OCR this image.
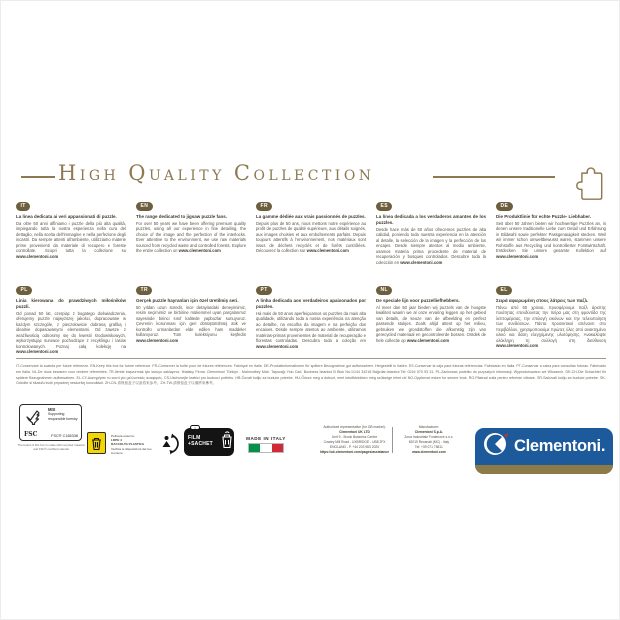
HIGH QUALITY COLLECTION
IT
La linea dedicata ai veri appassionati di puzzle.
Da oltre 50 anni affiniamo i puzzle della più alta qualità, impiegando tutta la nostra esperienza nella cura del dettaglio, nella scelta dell'immagine e nella perfezione degli incastri. Da sempre attenti all'ambiente, utilizziamo materie prime provenienti da materiale di recupero e foreste controllate. Scopri tutta la collezione su www.clementoni.com
EN
The range dedicated to jigsaw puzzle fans.
For over 50 years we have been offering premium quality puzzles, using all our experience in fine detailing, the choice of the image and the perfection of the interlocks. Ever attentive to the environment, we use raw materials sourced from recycled waste and controlled forests. Explore the entire collection on www.clementoni.com
FR
La gamme dédiée aux vrais passionnés de puzzles.
Depuis plus de 50 ans, nous mettons notre expérience au profit de puzzles de qualité supérieure, aux détails soignés, aux images choisies et aux emboîtements parfaits. Depuis toujours attentifs à l'environnement, nos matériaux sont issus de déchets recyclés et de forêts contrôlées. Découvrez la collection sur www.clementoni.com
ES
La línea dedicada a los verdaderos amantes de los puzzles.
Desde hace más de 50 años ofrecemos puzzles de alta calidad, poniendo toda nuestra experiencia en la atención al detalle, la selección de la imagen y la perfección de los encajes. Desde siempre atentos al medio ambiente, usamos materia prima procedente de material de recuperación y bosques controlados. Descubre toda la colección en www.clementoni.com
DE
Die Produktlinie für echte Puzzle- Liebhaber.
Seit über 50 Jahren bieten wir hochwertige Puzzles an, in denen unsere traditionelle Liebe zum Detail und Erfahrung in Bildwahl sowie perfekter Passgenauigkeit stecken. Weil wir immer schon umweltbewusst waren, stammen unsere Rohstoffe aus Recycling und kontrollierter Forstwirtschaft. Entdecken Sie unsere gesamte Kollektion auf www.clementoni.com
PL
Linia kierowana do prawdziwych miłośników puzzli.
Od ponad 50 lat, czerpiąc z bogatego doświadczenia, oferujemy puzzle najwyższej jakości, dopracowane w każdym szczególe, z pieczołowicie dobraną grafiką i idealnie dopasowanymi elementami. Od zawsze z wrażliwością odnosimy się do kwestii środowiskowych, wykorzystując surowce pochodzące z recyklingu i lasów kontrolowanych. Poznaj całą kolekcję na www.clementoni.com
TR
Gerçek puzzle hayranları için özel üretilmiş seri.
50 yıldan uzun süredir, ince detaylardaki deneyimimiz, resim seçimimiz ve birbirine mükemmel uyan parçalarımız sayesinde birinci sınıf kalitede yapbozlar sunuyoruz. Çevrenin korunması için geri dönüştürülmüş atık ve kontrollü ormanlardan elde edilen ham maddeler kullanıyoruz. Tüm koleksiyonu keşfedin www.clementoni.com
PT
A linha dedicada aos verdadeiros apaixonados por puzzles.
Há mais de 50 anos aperfeiçoamos os puzzles da mais alta qualidade, utilizando toda a nossa experiência na atenção ao detalhe, na escolha da imagem e na perfeição dos encaixes. Desde sempre atentos ao ambiente, utilizamos matérias-primas provenientes de material de recuperação e florestas controladas. Descubra toda a coleção em www.clementoni.com
NL
De speciale lijn voor puzzelliefhebbers.
Al meer dan 50 jaar bieden wij puzzels van de hoogste kwaliteit waarin we al onze ervaring leggen op het gebied van details, de keuze van de afbeelding en perfect passende stukjes. Zoals altijd attent op het milieu, gebruiken we grondstoffen die afkomstig zijn van gerecycled materiaal en gecontroleerde bossen. Ontdek de hele collectie op www.clementoni.com
EL
Σειρά αφιερωμένη στους λάτρεις των παζλ.
Πάνω από 50 χρόνια, προσφέρουμε παζλ άριστης ποιότητας επενδύοντας την πείρα μας στη φροντίδα της λεπτομέρειας, την επιλογή εικόνων και την τελειοποίηση των συνδέσεων. Πάντα προσεκτικοί απέναντι στο περιβάλλον, χρησιμοποιούμε πρώτες ύλες από ανακτημένο υλικό και δάση ελεγχόμενης υλοτόμησης. Ανακαλύψτε ολόκληρη τη συλλογή στη διεύθυνση www.clementoni.com
IT-Conservare la scatola per future referenze. EN-Keep this box for future reference. FR-Conserver la boîte pour de futures références. Fabriqué en Italie. DE-Produktinformationen für spätere Bezugnahme gut aufbewahren. Hergestellt in Italien. ES-Conservar la caja para futuras referencias. Fabricado en Italia. PT-Conservar a caixa para consultas futuras. Fabricado em Itália. NL-De doos bewaren voor verdere referenties. TR-İleride başvurmak için kutuyu saklayınız. İthalatçı Firma: Clementoni Türkiye - Mahmutbey Mah. Taşocağı Yolu Cad. Business İstanbul B Blok No:1/144 34218 Bağcılar-İstanbul Tel: 0216 570 93 31. PL-Zachować pudełko do przyszłych informacji. Wyprodukowano we Włoszech. DE-CH-Die Schachtel für spätere Bezugnahmen aufbewahren. EL-CY-Διατηρήστε το κουτί για μελλοντικές αναφορές. CS-Uschovejte krabici pro budoucí potřebu. HB-Čuvati kutiju za buduće potrebe. HU-Őrizze meg a dobozt, mert későbbiekben még szüksége lehet rá! NO-Oppbevar esken for senere bruk. RO-Păstrați cutia pentru referințe viitoare. SR-Sačuvati kutiju za buduće potrebe. SK-Odložte si škatuľu kvôli prípadnej neskoršej konzultácii. ZH-CN-请保留盒子以备将来参考。ZH-TW-請保留盒子以備將來參考。
MIX
Supporting responsible forestry
FSC	FSC® C165338
The board of this box is made with recycled material and FSC® certified material
Pellicola esterna:
LDPE 4
RACCOLTA PLASTICA
Verifica le disposizioni del tuo Comune.
i
FILM
+SACHET
MADE IN ITALY
Authorised representative (for GB market):
Clementoni UK LTD
Unit 9 - Brook Business Centre
Cowley Mill Road - UXBRIDGE - UB8 2FX
ENGLAND - P. +44 203 983 2020
https://uk.clementoni.com/pages/assistance
Manufacturer:
Clementoni S.p.A.
Zona Industriale Fontenoce s.n.c.
62019 Recanati (MC) - Italy
Tel: +39 071 75811
www.clementoni.com	Clementoni.
